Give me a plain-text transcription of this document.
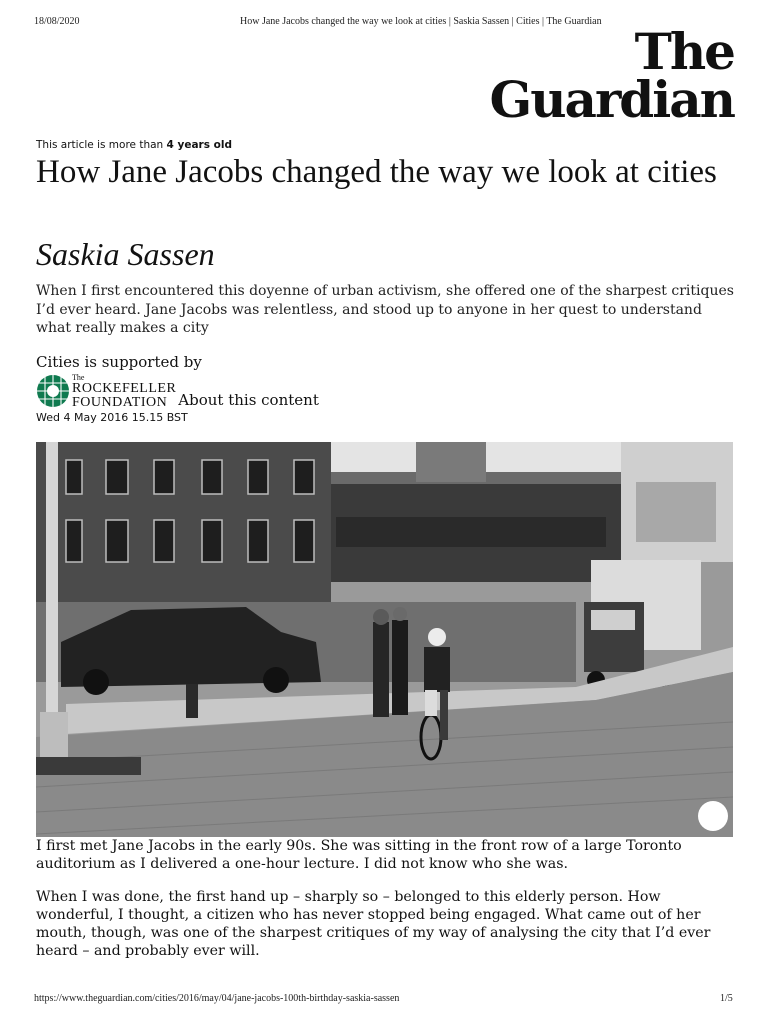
18/08/2020	How Jane Jacobs changed the way we look at cities | Saskia Sassen | Cities | The Guardian
The
Guardian
This article is more than 4 years old
How Jane Jacobs changed the way we look at cities
Saskia Sassen

When I first encountered this doyenne of urban activism, she offered one of the sharpest critiques I’d ever heard. Jane Jacobs was relentless, and stood up to anyone in her quest to understand what really makes a city

Cities is supported by
The
ROCKEFELLER
FOUNDATION About this content
Wed 4 May 2016 15.15 BST

I first met Jane Jacobs in the early 90s. She was sitting in the front row of a large Toronto auditorium as I delivered a one-hour lecture. I did not know who she was.

When I was done, the first hand up – sharply so – belonged to this elderly person. How wonderful, I thought, a citizen who has never stopped being engaged. What came out of her mouth, though, was one of the sharpest critiques of my way of analysing the city that I’d ever heard – and probably ever will.

https://www.theguardian.com/cities/2016/may/04/jane-jacobs-100th-birthday-saskia-sassen	1/5
